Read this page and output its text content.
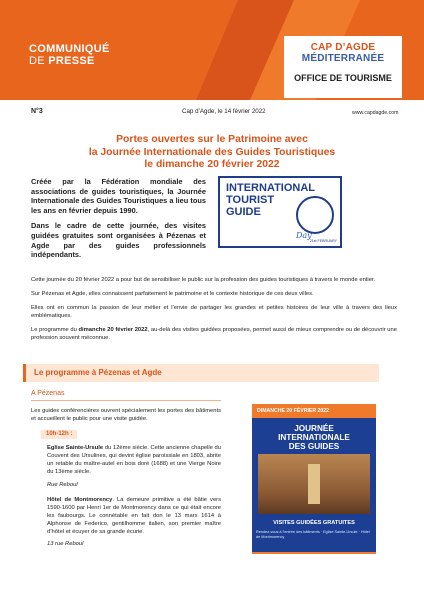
COMMUNIQUÉ
DE PRESSE
CAP D’AGDE
MÉDITERRANÉE
OFFICE DE TOURISME
N°3	Cap d’Agde, le 14 février 2022	www.capdagde.com
Portes ouvertes sur le Patrimoine avec
la Journée Internationale des Guides Touristiques
le dimanche 20 février 2022

Créée par la Fédération mondiale des associations de guides touristiques, la Journée Internationale des Guides Touristiques a lieu tous les ans en février depuis 1990.

Dans le cadre de cette journée, des visites guidées gratuites sont organisées à Pézenas et Agde par des guides professionnels indépendants.

INTERNATIONAL
TOURIST
GUIDE
Day
21st FEBRUARY

Cette journée du 20 février 2022 a pour but de sensibiliser le public sur la profession des guides touristiques à travers le monde entier.

Sur Pézenas et Agde, elles connaissent parfaitement le patrimoine et le contexte historique de ces deux villes.

Elles ont en commun la passion de leur métier et l’envie de partager les grandes et petites histoires de leur ville à travers des lieux emblématiques.

Le programme du dimanche 20 février 2022, au-delà des visites guidées proposées, permet aussi de mieux comprendre ou de découvrir une profession souvent méconnue.

Le programme à Pézenas et Agde
A Pézenas
Les guides conférencières ouvrent spécialement les portes des bâtiments et accueillent le public pour une visite guidée.
10h-12h :
Eglise Sainte-Ursule du 12ème siècle. Cette ancienne chapelle du Couvent des Ursulines, qui devint église paroissiale en 1803, abrite un retable du maître-autel en bois doré (1688) et une Vierge Noire du 13ème siècle.
Rue Reboul
Hôtel de Montmorency. La demeure primitive a été bâtie vers 1590-1600 par Henri 1er de Montmorency dans ce qui était encore les faubourgs. Le connétable en fait don le 13 mars 1614 à Alphonse de Federico, gentilhomme italien, son premier maître d’hôtel et écuyer de sa grande écurie.
13 rue Reboul
DIMANCHE 20 FÉVRIER 2022
JOURNÉE
INTERNATIONALE
DES GUIDES
VISITES GUIDÉES GRATUITES
Rendez-vous à l’entrée des bâtiments · Eglise Sainte-Ursule · Hôtel de Montmorency
